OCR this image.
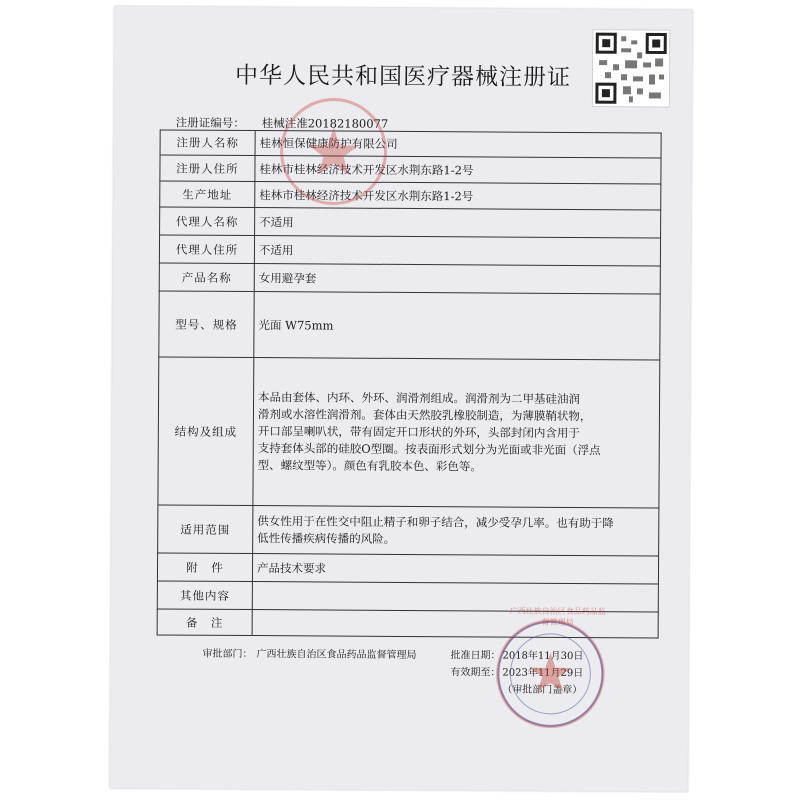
中华人民共和国医疗器械注册证
注册证编号： 桂械注准20182180077
注册人名称	桂林恒保健康防护有限公司
注册人住所	桂林市桂林经济技术开发区水荆东路1-2号
生产地址	桂林市桂林经济技术开发区水荆东路1-2号
代理人名称	不适用
代理人住所	不适用
产品名称	女用避孕套
型号、规格	光面 W75mm
结构及组成	本品由套体、内环、外环、润滑剂组成。润滑剂为二甲基硅油润
滑剂或水溶性润滑剂。套体由天然胶乳橡胶制造，为薄膜鞘状物，
开口部呈喇叭状，带有固定开口形状的外环，头部封闭内含用于
支持套体头部的硅胶O型圈。按表面形式划分为光面或非光面（浮点
型、螺纹型等）。颜色有乳胶本色、彩色等。
适用范围	供女性用于在性交中阻止精子和卵子结合，减少受孕几率。也有助于降
低性传播疾病传播的风险。
附　件	产品技术要求
其他内容	
备　注	
审批部门： 广西壮族自治区食品药品监督管理局	批准日期： 2018年11月30日
有效期至： 2023年11月29日
（审批部门盖章）
广西壮族自治区食品药品监督管理局
